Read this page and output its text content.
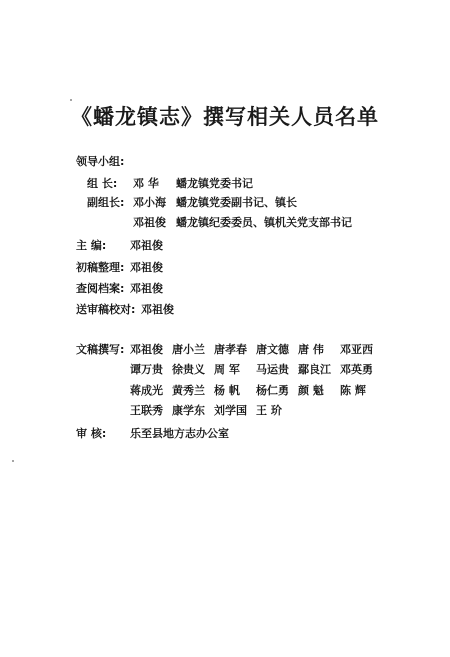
《蟠龙镇志》撰写相关人员名单
领导小组:
组 长: 邓 华 蟠龙镇党委书记
副组长: 邓小海 蟠龙镇党委副书记、镇长
邓祖俊 蟠龙镇纪委委员、镇机关党支部书记
主 编: 邓祖俊
初稿整理: 邓祖俊
查阅档案: 邓祖俊
送审稿校对: 邓祖俊
文稿撰写: 邓祖俊 唐小兰 唐孝春 唐文德 唐 伟 邓亚西
谭万贵 徐贵义 周 军 马运贵 鄢良江 邓英勇
蒋成光 黄秀兰 杨 帆 杨仁勇 颜 魁 陈 辉
王联秀 康学东 刘学国 王 玠
审 核: 乐至县地方志办公室
